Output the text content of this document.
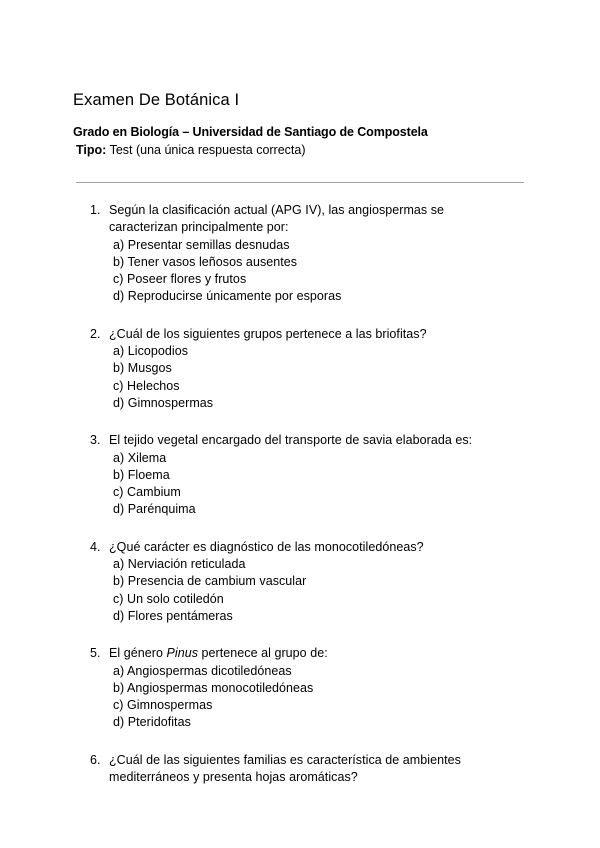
Examen De Botánica I

Grado en Biología – Universidad de Santiago de Compostela

Tipo: Test (una única respuesta correcta)

1. Según la clasificación actual (APG IV), las angiospermas se caracterizan principalmente por:
a) Presentar semillas desnudas
b) Tener vasos leñosos ausentes
c) Poseer flores y frutos
d) Reproducirse únicamente por esporas
2. ¿Cuál de los siguientes grupos pertenece a las briofitas?
a) Licopodios
b) Musgos
c) Helechos
d) Gimnospermas
3. El tejido vegetal encargado del transporte de savia elaborada es:
a) Xilema
b) Floema
c) Cambium
d) Parénquima
4. ¿Qué carácter es diagnóstico de las monocotiledóneas?
a) Nerviación reticulada
b) Presencia de cambium vascular
c) Un solo cotiledón
d) Flores pentámeras
5. El género Pinus pertenece al grupo de:
a) Angiospermas dicotiledóneas
b) Angiospermas monocotiledóneas
c) Gimnospermas
d) Pteridofitas
6. ¿Cuál de las siguientes familias es característica de ambientes mediterráneos y presenta hojas aromáticas?
